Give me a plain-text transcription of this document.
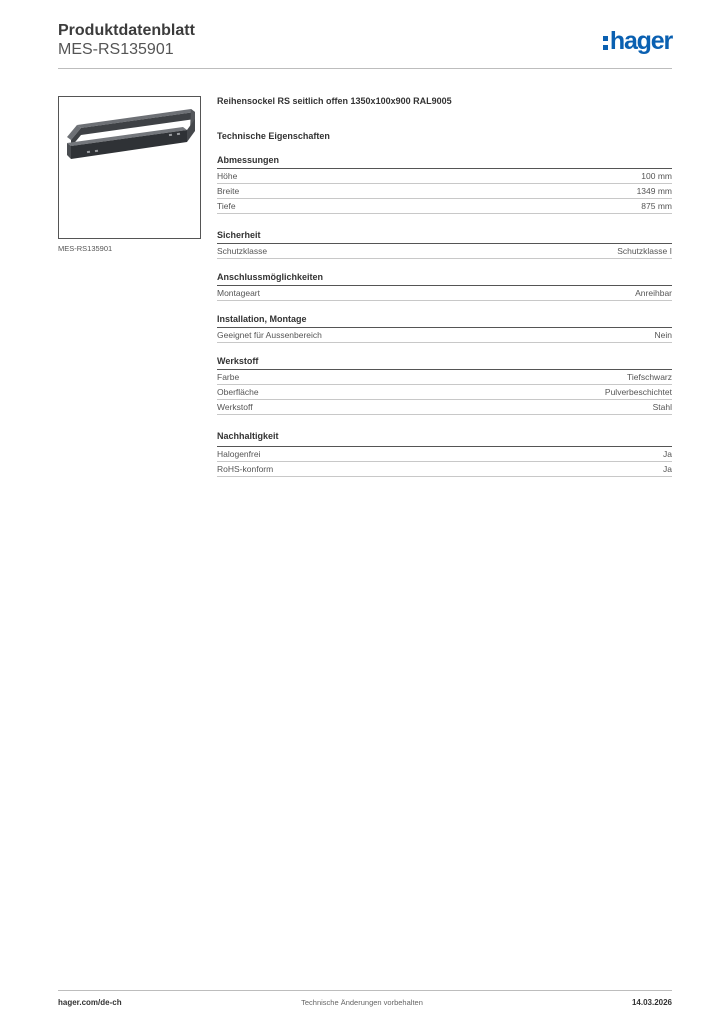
Produktdatenblatt
MES-RS135901	hager
MES-RS135901
Reihensockel RS seitlich offen 1350x100x900 RAL9005
Technische Eigenschaften
Abmessungen
Höhe	100 mm
Breite	1349 mm
Tiefe	875 mm
Sicherheit
Schutzklasse	Schutzklasse I
Anschlussmöglichkeiten
Montageart	Anreihbar
Installation, Montage
Geeignet für Aussenbereich	Nein
Werkstoff
Farbe	Tiefschwarz
Oberfläche	Pulverbeschichtet
Werkstoff	Stahl
Nachhaltigkeit
Halogenfrei	Ja
RoHS-konform	Ja
hager.com/de-ch	Technische Änderungen vorbehalten	14.03.2026
